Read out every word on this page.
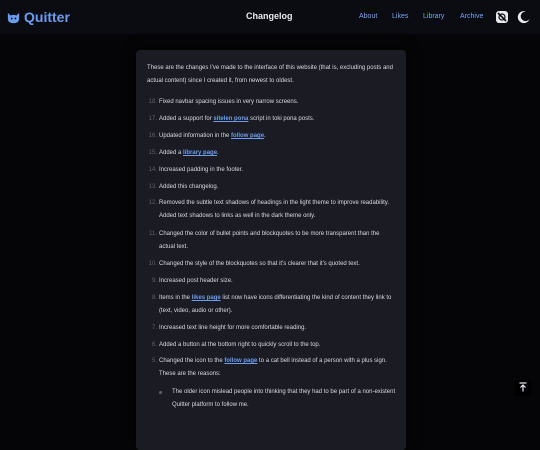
Quitter	Changelog	About Likes Library Archive
These are the changes I've made to the interface of this website (that is, excluding posts and actual content) since I created it, from newest to oldest.
18. Fixed navbar spacing issues in very narrow screens.
17. Added a support for sitelen pona script in toki pona posts.
16. Updated information in the follow page.
15. Added a library page.
14. Increased padding in the footer.
13. Added this changelog.
12. Removed the subtle text shadows of headings in the light theme to improve readability. Added text shadows to links as well in the dark theme only.
11. Changed the color of bullet points and blockquotes to be more transparent than the actual text.
10. Changed the style of the blockquotes so that it's clearer that it's quoted text.
9. Increased post header size.
8. Items in the likes page list now have icons differentiating the kind of content they link to (text, video, audio or other).
7. Increased text line height for more comfortable reading.
6. Added a button at the bottom right to quickly scroll to the top.
5. Changed the icon to the follow page to a cat bell instead of a person with a plus sign. These are the reasons:
The older icon mislead people into thinking that they had to be part of a non-existent Quitter platform to follow me.
